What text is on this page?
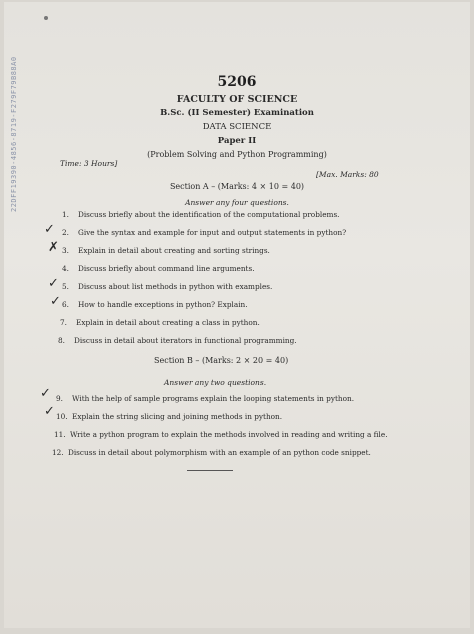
22DFF19390-4856-8719-F279F79B88A0	5206
FACULTY OF SCIENCE
B.Sc. (II Semester) Examination
DATA SCIENCE
Paper II
(Problem Solving and Python Programming)
Time: 3 Hours]
[Max. Marks: 80
Section A – (Marks: 4 × 10 = 40)
Answer any four questions.
1. Discuss briefly about the identification of the computational problems.
2. Give the syntax and example for input and output statements in python?
3. Explain in detail about creating and sorting strings.
4. Discuss briefly about command line arguments.
5. Discuss about list methods in python with examples.
6. How to handle exceptions in python? Explain.
7. Explain in detail about creating a class in python.
8. Discuss in detail about iterators in functional programming.
Section B – (Marks: 2 × 20 = 40)
Answer any two questions.
9. With the help of sample programs explain the looping statements in python.
10. Explain the string slicing and joining methods in python.
11. Write a python program to explain the methods involved in reading and writing a file.
12. Discuss in detail about polymorphism with an example of an python code snippet.
✓
✗
✓
✓
✓
✓
